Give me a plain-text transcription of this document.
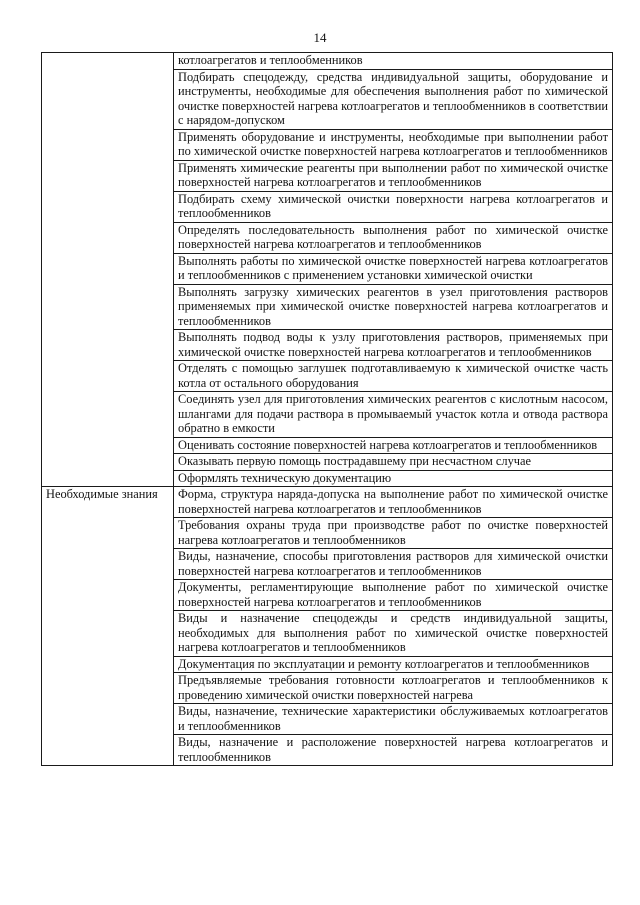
14
	котлоагрегатов и теплообменников
	Подбирать спецодежду, средства индивидуальной защиты, оборудование и инструменты, необходимые для обеспечения выполнения работ по химической очистке поверхностей нагрева котлоагрегатов и теплообменников в соответствии с нарядом-допуском
	Применять оборудование и инструменты, необходимые при выполнении работ по химической очистке поверхностей нагрева котлоагрегатов и теплообменников
	Применять химические реагенты при выполнении работ по химической очистке поверхностей нагрева котлоагрегатов и теплообменников
	Подбирать схему химической очистки поверхности нагрева котлоагрегатов и теплообменников
	Определять последовательность выполнения работ по химической очистке поверхностей нагрева котлоагрегатов и теплообменников
	Выполнять работы по химической очистке поверхностей нагрева котлоагрегатов и теплообменников с применением установки химической очистки
	Выполнять загрузку химических реагентов в узел приготовления растворов применяемых при химической очистке поверхностей нагрева котлоагрегатов и теплообменников
	Выполнять подвод воды к узлу приготовления растворов, применяемых при химической очистке поверхностей нагрева котлоагрегатов и теплообменников
	Отделять с помощью заглушек подготавливаемую к химической очистке часть котла от остального оборудования
	Соединять узел для приготовления химических реагентов с кислотным насосом, шлангами для подачи раствора в промываемый участок котла и отвода раствора обратно в емкости
	Оценивать состояние поверхностей нагрева котлоагрегатов и теплообменников
	Оказывать первую помощь пострадавшему при несчастном случае
	Оформлять техническую документацию
Необходимые знания	Форма, структура наряда-допуска на выполнение работ по химической очистке поверхностей нагрева котлоагрегатов и теплообменников
	Требования охраны труда при производстве работ по очистке поверхностей нагрева котлоагрегатов и теплообменников
	Виды, назначение, способы приготовления растворов для химической очистки поверхностей нагрева котлоагрегатов и теплообменников
	Документы, регламентирующие выполнение работ по химической очистке поверхностей нагрева котлоагрегатов и теплообменников
	Виды и назначение спецодежды и средств индивидуальной защиты, необходимых для выполнения работ по химической очистке поверхностей нагрева котлоагрегатов и теплообменников
	Документация по эксплуатации и ремонту котлоагрегатов и теплообменников
	Предъявляемые требования готовности котлоагрегатов и теплообменников к проведению химической очистки поверхностей нагрева
	Виды, назначение, технические характеристики обслуживаемых котлоагрегатов и теплообменников
	Виды, назначение и расположение поверхностей нагрева котлоагрегатов и теплообменников
